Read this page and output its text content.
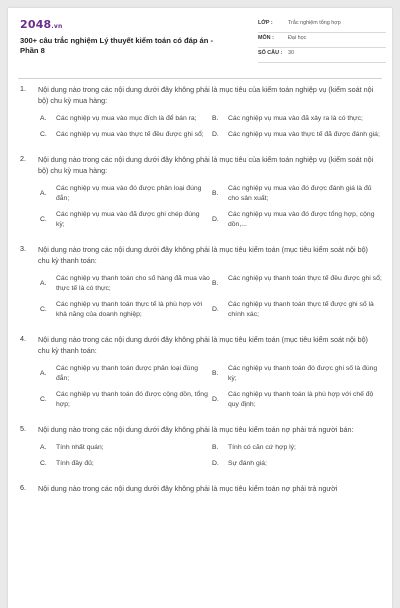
2048.vn
300+ câu trắc nghiệm Lý thuyết kiểm toán có đáp án - Phần 8
LỚP :	Trắc nghiệm tổng hợp
MÔN :	Đại học
SỐ CÂU : 30
1. Nội dung nào trong các nội dung dưới đây không phải là mục tiêu của kiểm toán nghiệp vụ (kiểm soát nội bộ) chu kỳ mua hàng:
A. Các nghiệp vụ mua vào mục đích là để bán ra;	B. Các nghiệp vụ mua vào đã xảy ra là có thực;
C. Các nghiệp vụ mua vào thực tế đều được ghi sổ;	D. Các nghiệp vụ mua vào thực tế đã được đánh giá;
2. Nội dung nào trong các nội dung dưới đây không phải là mục tiêu của kiểm toán nghiệp vụ (kiểm soát nội bộ) chu kỳ mua hàng:
A.
Các nghiệp vụ mua vào đó được phân loại đúng đắn;
B.
Các nghiệp vụ mua vào đó được đánh giá là đủ cho sản xuất;
C.
Các nghiệp vụ mua vào đã được ghi chép đúng kỳ;
D.
Các nghiệp vụ mua vào đó được tổng hợp, cộng dồn,...
3. Nội dung nào trong các nội dung dưới đây không phải là mục tiêu kiểm toán (mục tiêu kiểm soát nội bộ) chu kỳ thanh toán:
A.
Các nghiệp vụ thanh toán cho số hàng đã mua vào thực tế là có thực;
B.
Các nghiệp vụ thanh toán thực tế đều được ghi sổ;
C.
Các nghiệp vụ thanh toán thực tế là phù hợp với khả năng của doanh nghiệp;
D.
Các nghiệp vụ thanh toán thực tế được ghi số là chính xác;
4. Nội dung nào trong các nội dung dưới đây không phải là mục tiêu kiểm toán (mục tiêu kiểm soát nội bộ) chu kỳ thanh toán:
A.
Các nghiệp vụ thanh toán được phân loại đúng đắn;
B.
Các nghiệp vụ thanh toán đó được ghi số là đúng kỳ;
C.
Các nghiệp vụ thanh toán đó được cộng dồn, tổng hợp;
D.
Các nghiệp vụ thanh toán là phù hợp với chế độ quy định;
5. Nội dung nào trong các nội dung dưới đây không phải là mục tiêu kiểm toán nợ phải trả người bán:
A. Tính nhất quán;	B. Tính có căn cứ hợp lý;
C. Tính đầy đủ;	D. Sự đánh giá;
6. Nội dung nào trong các nội dung dưới đây không phải là mục tiêu kiểm toán nợ phải trả người
